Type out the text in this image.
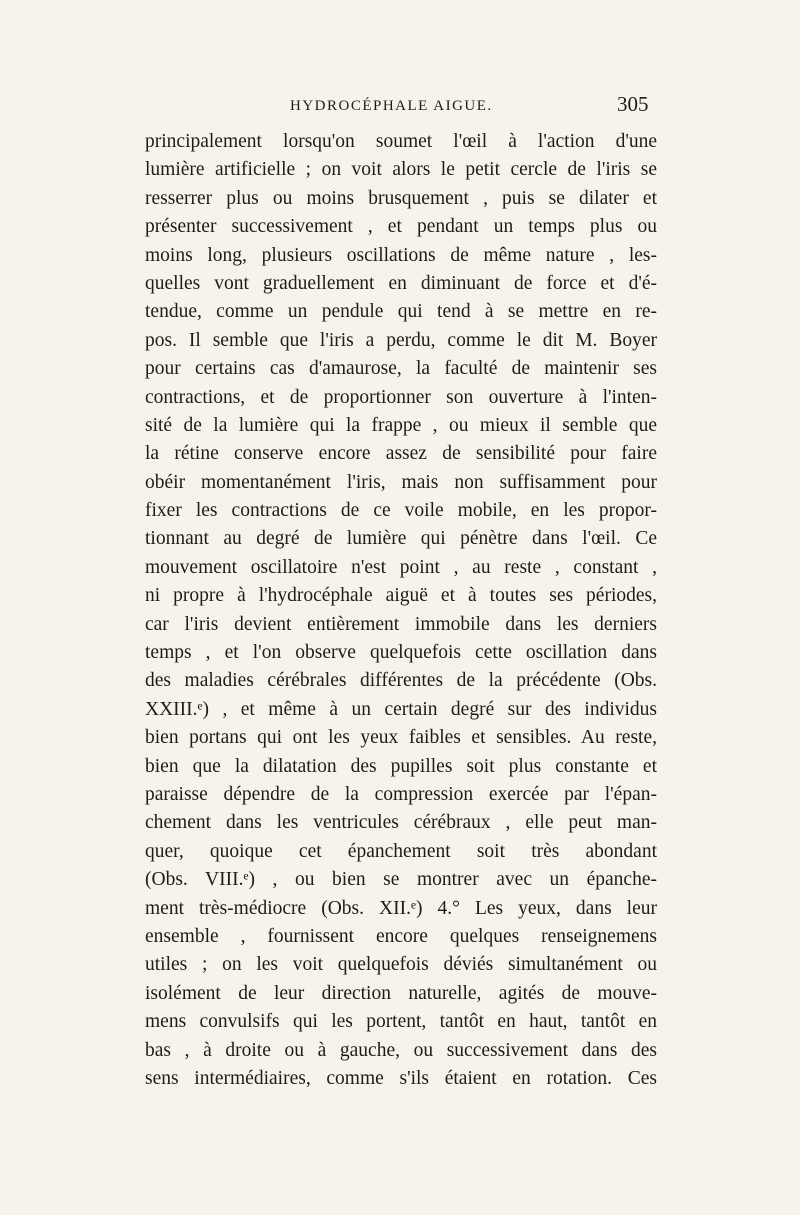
HYDROCÉPHALE AIGUE.	305
principalement lorsqu'on soumet l'œil à l'action d'une
lumière artificielle ; on voit alors le petit cercle de l'iris se
resserrer plus ou moins brusquement , puis se dilater et
présenter successivement , et pendant un temps plus ou
moins long, plusieurs oscillations de même nature , les-
quelles vont graduellement en diminuant de force et d'é-
tendue, comme un pendule qui tend à se mettre en re-
pos. Il semble que l'iris a perdu, comme le dit M. Boyer
pour certains cas d'amaurose, la faculté de maintenir ses
contractions, et de proportionner son ouverture à l'inten-
sité de la lumière qui la frappe , ou mieux il semble que
la rétine conserve encore assez de sensibilité pour faire
obéir momentanément l'iris, mais non suffisamment pour
fixer les contractions de ce voile mobile, en les propor-
tionnant au degré de lumière qui pénètre dans l'œil. Ce
mouvement oscillatoire n'est point , au reste , constant ,
ni propre à l'hydrocéphale aiguë et à toutes ses périodes,
car l'iris devient entièrement immobile dans les derniers
temps , et l'on observe quelquefois cette oscillation dans
des maladies cérébrales différentes de la précédente (Obs.
XXIII.ᵉ) , et même à un certain degré sur des individus
bien portans qui ont les yeux faibles et sensibles. Au reste,
bien que la dilatation des pupilles soit plus constante et
paraisse dépendre de la compression exercée par l'épan-
chement dans les ventricules cérébraux , elle peut man-
quer, quoique cet épanchement soit très abondant
(Obs. VIII.ᵉ) , ou bien se montrer avec un épanche-
ment très-médiocre (Obs. XII.ᵉ) 4.° Les yeux, dans leur
ensemble , fournissent encore quelques renseignemens
utiles ; on les voit quelquefois déviés simultanément ou
isolément de leur direction naturelle, agités de mouve-
mens convulsifs qui les portent, tantôt en haut, tantôt en
bas , à droite ou à gauche, ou successivement dans des
sens intermédiaires, comme s'ils étaient en rotation. Ces
